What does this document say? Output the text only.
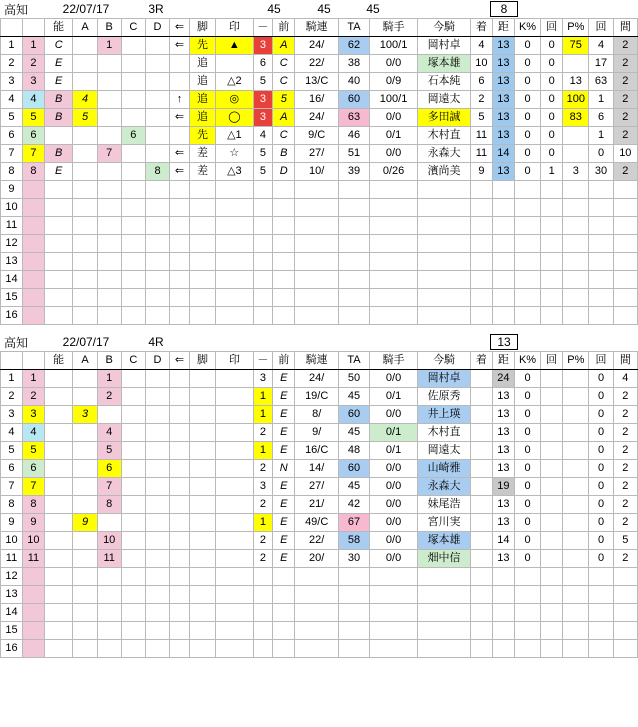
高知	22/07/17	3R	45	45	45	8
		能	A	B	C	D	⇐	脚	印	－	前	騎連	TA	騎手	今騎	着	距	K%	回	P%	回	間
1	1	C		1			⇐	先	▲	3	A	24/	62	100/1	岡村卓	4	13	0	0	75	4	2
2	2	E						追		6	C	22/	38	0/0	塚本雄	10	13	0	0		17	2
3	3	E						追	△2	5	C	13/C	40	0/9	石本純	6	13	0	0	13	63	2
4	4	B	4				↑	追	◎	3	5	16/	60	100/1	岡遠太	2	13	0	0	100	1	2
5	5	B	5				⇐	追	◯	3	A	24/	63	0/0	多田誠	5	13	0	0	83	6	2
6	6				6			先	△1	4	C	9/C	46	0/1	木村直	11	13	0	0		1	2
7	7	B		7			⇐	差	☆	5	B	27/	51	0/0	永森大	11	14	0	0		0	10
8	8	E				8	⇐	差	△3	5	D	10/	39	0/26	濱尚美	9	13	0	1	3	30	2
9																						
10																						
11																						
12																						
13																						
14																						
15																						
16																						
高知	22/07/17	4R	13
		能	A	B	C	D	⇐	脚	印	－	前	騎連	TA	騎手	今騎	着	距	K%	回	P%	回	間
1	1			1						3	E	24/	50	0/0	岡村卓		24	0			0	4
2	2			2						1	E	19/C	45	0/1	佐原秀		13	0			0	2
3	3		3							1	E	8/	60	0/0	井上瑛		13	0			0	2
4	4			4						2	E	9/	45	0/1	木村直		13	0			0	2
5	5			5						1	E	16/C	48	0/1	岡遠太		13	0			0	2
6	6			6						2	N	14/	60	0/0	山崎雅		13	0			0	2
7	7			7						3	E	27/	45	0/0	永森大		19	0			0	2
8	8			8						2	E	21/	42	0/0	妹尾浩		13	0			0	2
9	9		9							1	E	49/C	67	0/0	宮川実		13	0			0	2
10	10			10						2	E	22/	58	0/0	塚本雄		14	0			0	5
11	11			11						2	E	20/	30	0/0	畑中信		13	0			0	2
12																						
13																						
14																						
15																						
16																						
